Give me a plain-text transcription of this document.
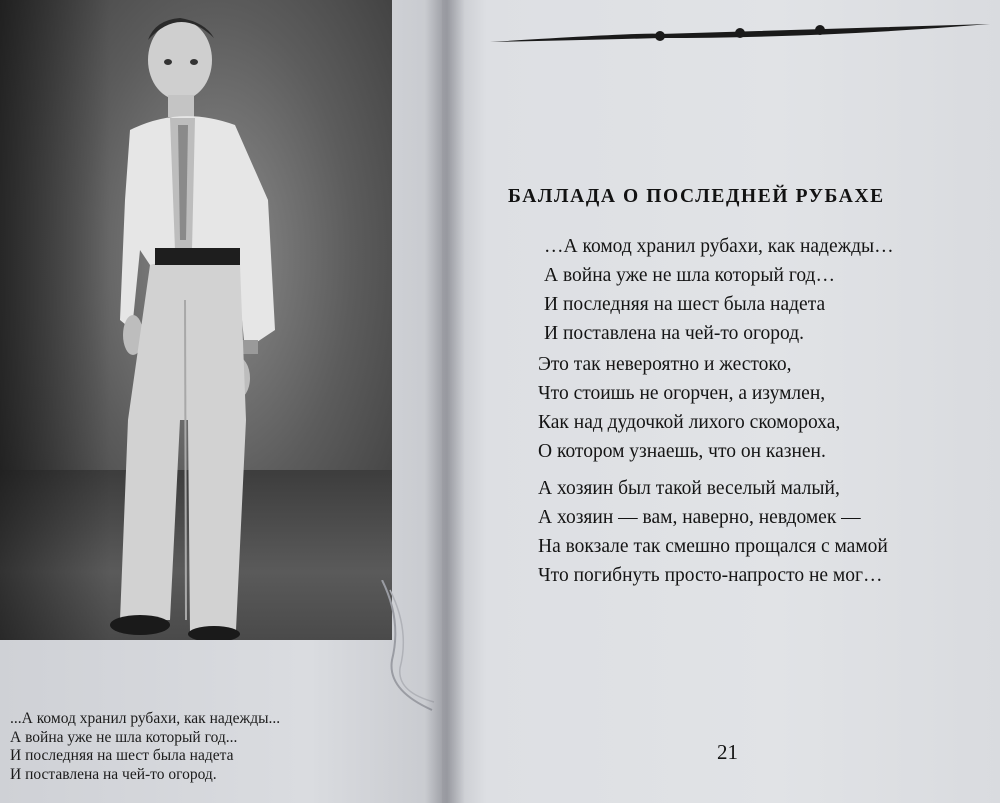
...А комод хранил рубахи, как надежды...
А война уже не шла который год...
И последняя на шест была надета
И поставлена на чей-то огород.
БАЛЛАДА О ПОСЛЕДНЕЙ РУБАХЕ
…А комод хранил рубахи, как надежды…
А война уже не шла который год…
И последняя на шест была надета
И поставлена на чей-то огород.
Это так невероятно и жестоко,
Что стоишь не огорчен, а изумлен,
Как над дудочкой лихого скомороха,
О котором узнаешь, что он казнен.
А хозяин был такой веселый малый,
А хозяин — вам, наверно, невдомек —
На вокзале так смешно прощался с мамой
Что погибнуть просто-напросто не мог…
21
